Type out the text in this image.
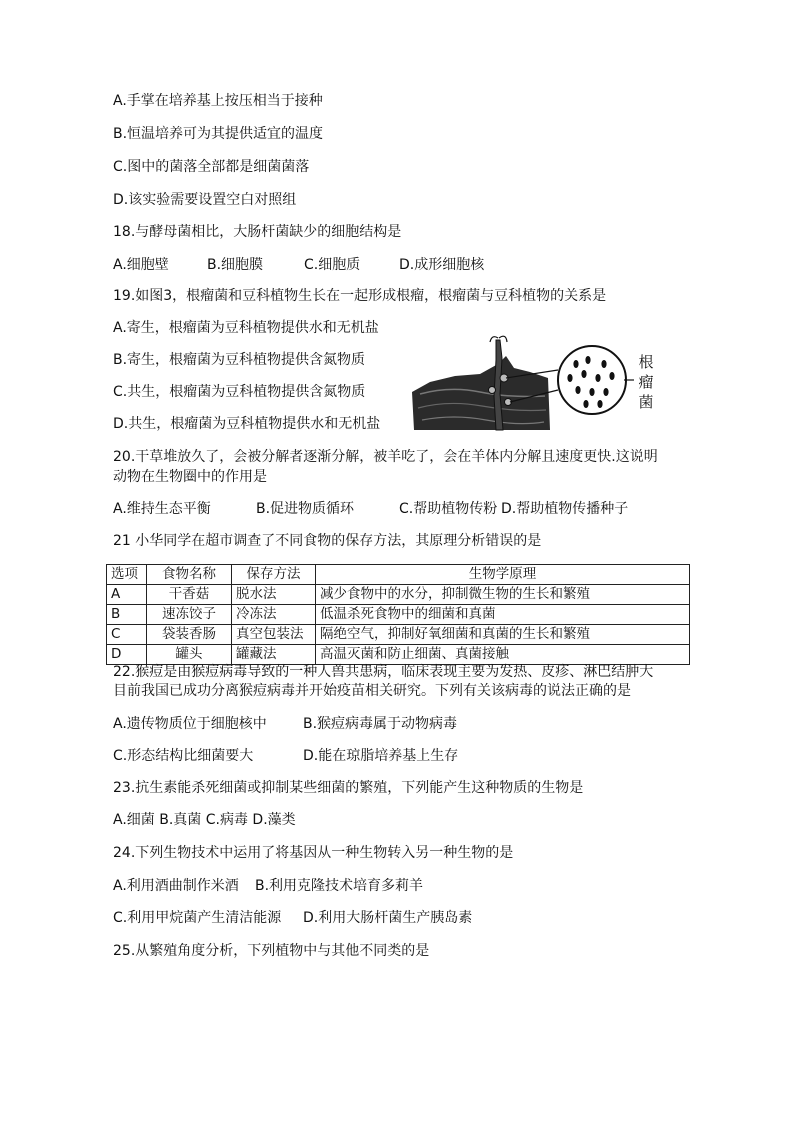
A.手掌在培养基上按压相当于接种
B.恒温培养可为其提供适宜的温度
C.图中的菌落全部都是细菌菌落
D.该实验需要设置空白对照组
18.与酵母菌相比，大肠杆菌缺少的细胞结构是
A.细胞壁	B.细胞膜	C.细胞质	D.成形细胞核
19.如图3，根瘤菌和豆科植物生长在一起形成根瘤，根瘤菌与豆科植物的关系是
A.寄生，根瘤菌为豆科植物提供水和无机盐
B.寄生，根瘤菌为豆科植物提供含氮物质
C.共生，根瘤菌为豆科植物提供含氮物质
D.共生，根瘤菌为豆科植物提供水和无机盐
根瘤菌
20.干草堆放久了，会被分解者逐渐分解，被羊吃了，会在羊体内分解且速度更快.这说明
动物在生物圈中的作用是
A.维持生态平衡	B.促进物质循环	C.帮助植物传粉 D.帮助植物传播种子
21 小华同学在超市调查了不同食物的保存方法，其原理分析错误的是
选项	食物名称	保存方法	生物学原理
A	干香菇	脱水法	减少食物中的水分，抑制微生物的生长和繁殖
B	速冻饺子	冷冻法	低温杀死食物中的细菌和真菌
C	袋装香肠	真空包装法	隔绝空气，抑制好氧细菌和真菌的生长和繁殖
D	罐头	罐藏法	高温灭菌和防止细菌、真菌接触
22.猴痘是由猴痘病毒导致的一种人兽共患病，临床表现主要为发热、皮疹、淋巴结肿大
目前我国已成功分离猴痘病毒并开始疫苗相关研究。下列有关该病毒的说法正确的是
A.遗传物质位于细胞核中	B.猴痘病毒属于动物病毒
C.形态结构比细菌要大	D.能在琼脂培养基上生存
23.抗生素能杀死细菌或抑制某些细菌的繁殖，下列能产生这种物质的生物是
A.细菌 B.真菌 C.病毒 D.藻类
24.下列生物技术中运用了将基因从一种生物转入另一种生物的是
A.利用酒曲制作米酒	B.利用克隆技术培育多莉羊
C.利用甲烷菌产生清洁能源	D.利用大肠杆菌生产胰岛素
25.从繁殖角度分析，下列植物中与其他不同类的是
